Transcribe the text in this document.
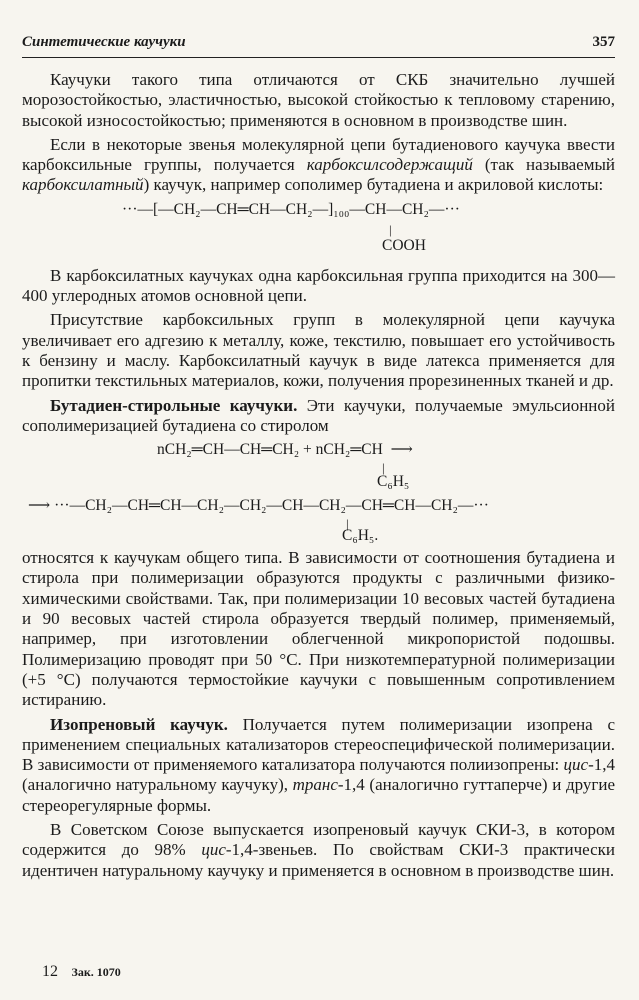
Синтетические каучуки	357

Каучуки такого типа отличаются от СКБ значительно лучшей морозостойкостью, эластичностью, высокой стойкостью к тепловому старению, высокой износостойкостью; применяются в основном в производстве шин.

Если в некоторые звенья молекулярной цепи бутадиенового каучука ввести карбоксильные группы, получается карбоксилсодержащий (так называемый карбоксилатный) каучук, например сополимер бутадиена и акриловой кислоты:

···—[—CH₂—CH═CH—CH₂—]₁₀₀—CH—CH₂—···
|
COOH

В карбоксилатных каучуках одна карбоксильная группа приходится на 300—400 углеродных атомов основной цепи.

Присутствие карбоксильных групп в молекулярной цепи каучука увеличивает его адгезию к металлу, коже, текстилю, повышает его устойчивость к бензину и маслу. Карбоксилатный каучук в виде латекса применяется для пропитки текстильных материалов, кожи, получения прорезиненных тканей и др.

Бутадиен-стирольные каучуки. Эти каучуки, получаемые эмульсионной сополимеризацией бутадиена со стиролом

nCH₂═CH—CH═CH₂ + nCH₂═CH  ⟶
|
C₆H₅
⟶ ···—CH₂—CH═CH—CH₂—CH₂—CH—CH₂—CH═CH—CH₂—···
|
C₆H₅.

относятся к каучукам общего типа. В зависимости от соотношения бутадиена и стирола при полимеризации образуются продукты с различными физико-химическими свойствами. Так, при полимеризации 10 весовых частей бутадиена и 90 весовых частей стирола образуется твердый полимер, применяемый, например, при изготовлении облегченной микропористой подошвы. Полимеризацию проводят при 50 °C. При низкотемпературной полимеризации (+5 °C) получаются термостойкие каучуки с повышенным сопротивлением истиранию.

Изопреновый каучук. Получается путем полимеризации изопрена с применением специальных катализаторов стереоспецифической полимеризации. В зависимости от применяемого катализатора получаются полиизопрены: цис-1,4 (аналогично натуральному каучуку), транс-1,4 (аналогично гуттаперче) и другие стереорегулярные формы.

В Советском Союзе выпускается изопреновый каучук СКИ-3, в котором содержится до 98% цис-1,4-звеньев. По свойствам СКИ-3 практически идентичен натуральному каучуку и применяется в основном в производстве шин.

12 Зак. 1070
